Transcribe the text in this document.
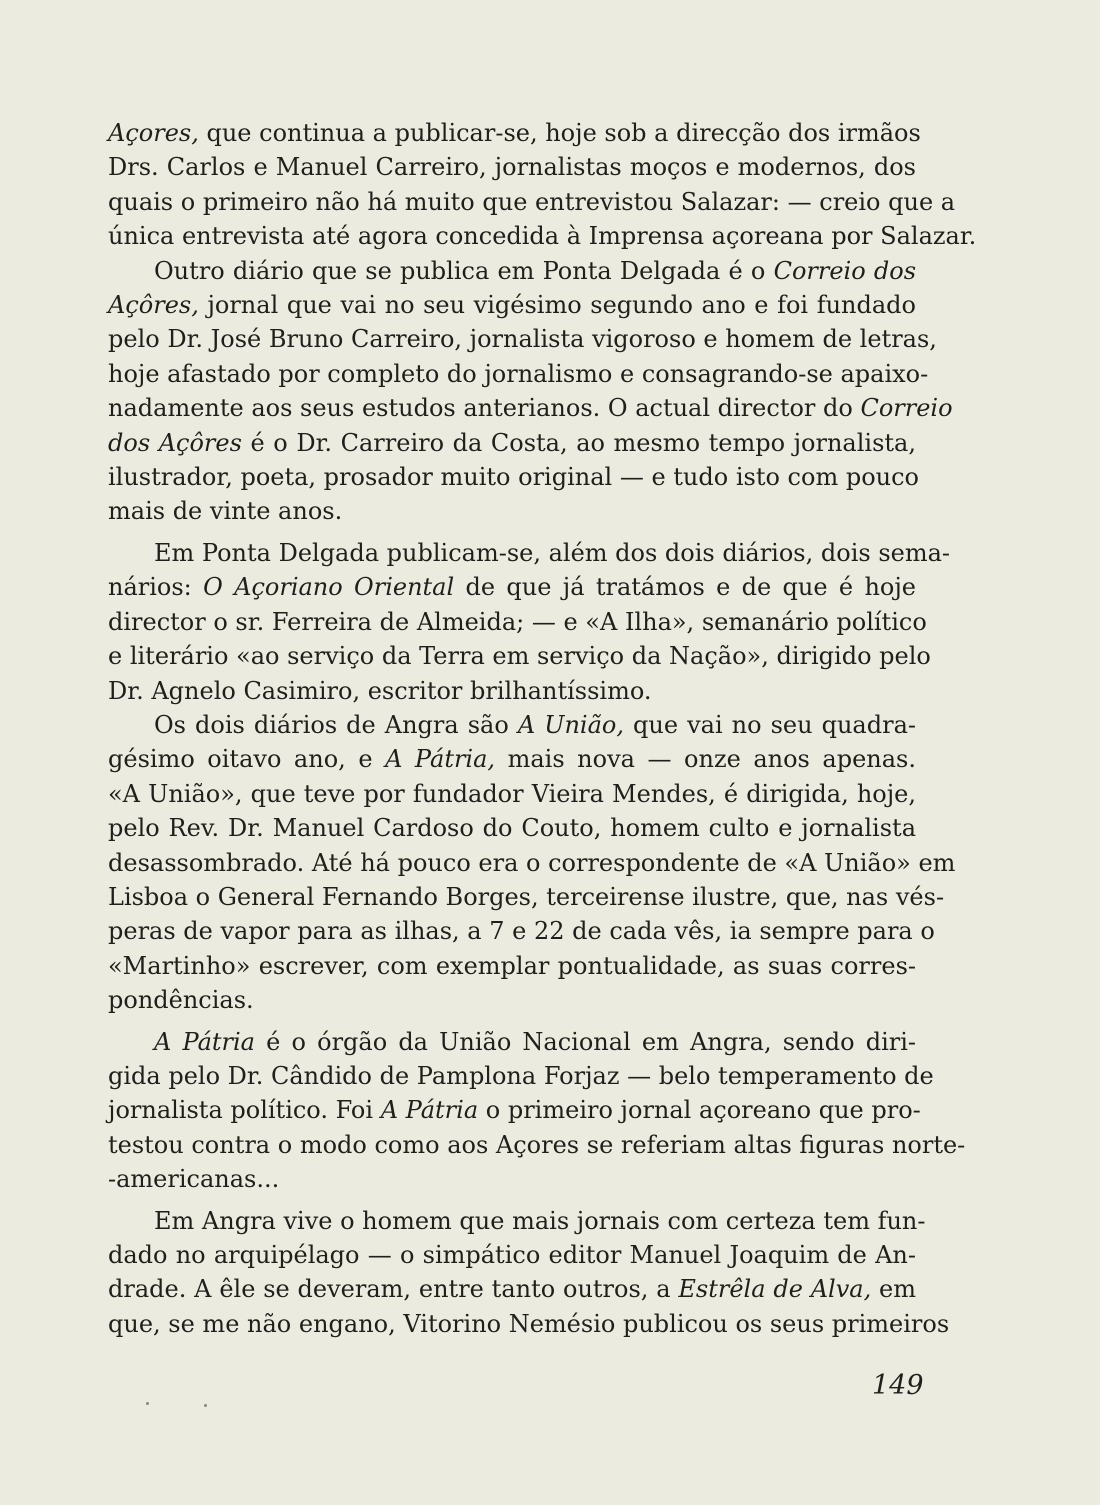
Açores, que continua a publicar-se, hoje sob a direcção dos irmãos
Drs. Carlos e Manuel Carreiro, jornalistas moços e modernos, dos
quais o primeiro não há muito que entrevistou Salazar: — creio que a
única entrevista até agora concedida à Imprensa açoreana por Salazar.
Outro diário que se publica em Ponta Delgada é o Correio dos
Açôres, jornal que vai no seu vigésimo segundo ano e foi fundado
pelo Dr. José Bruno Carreiro, jornalista vigoroso e homem de letras,
hoje afastado por completo do jornalismo e consagrando-se apaixo-
nadamente aos seus estudos anterianos. O actual director do Correio
dos Açôres é o Dr. Carreiro da Costa, ao mesmo tempo jornalista,
ilustrador, poeta, prosador muito original — e tudo isto com pouco
mais de vinte anos.
Em Ponta Delgada publicam-se, além dos dois diários, dois sema-
nários: O Açoriano Oriental de que já tratámos e de que é hoje
director o sr. Ferreira de Almeida; — e «A Ilha», semanário político
e literário «ao serviço da Terra em serviço da Nação», dirigido pelo
Dr. Agnelo Casimiro, escritor brilhantíssimo.
Os dois diários de Angra são A União, que vai no seu quadra-
gésimo oitavo ano, e A Pátria, mais nova — onze anos apenas.
«A União», que teve por fundador Vieira Mendes, é dirigida, hoje,
pelo Rev. Dr. Manuel Cardoso do Couto, homem culto e jornalista
desassombrado. Até há pouco era o correspondente de «A União» em
Lisboa o General Fernando Borges, terceirense ilustre, que, nas vés-
peras de vapor para as ilhas, a 7 e 22 de cada vês, ia sempre para o
«Martinho» escrever, com exemplar pontualidade, as suas corres-
pondências.
A Pátria é o órgão da União Nacional em Angra, sendo diri-
gida pelo Dr. Cândido de Pamplona Forjaz — belo temperamento de
jornalista político. Foi A Pátria o primeiro jornal açoreano que pro-
testou contra o modo como aos Açores se referiam altas figuras norte-
-americanas...
Em Angra vive o homem que mais jornais com certeza tem fun-
dado no arquipélago — o simpático editor Manuel Joaquim de An-
drade. A êle se deveram, entre tanto outros, a Estrêla de Alva, em
que, se me não engano, Vitorino Nemésio publicou os seus primeiros
149
